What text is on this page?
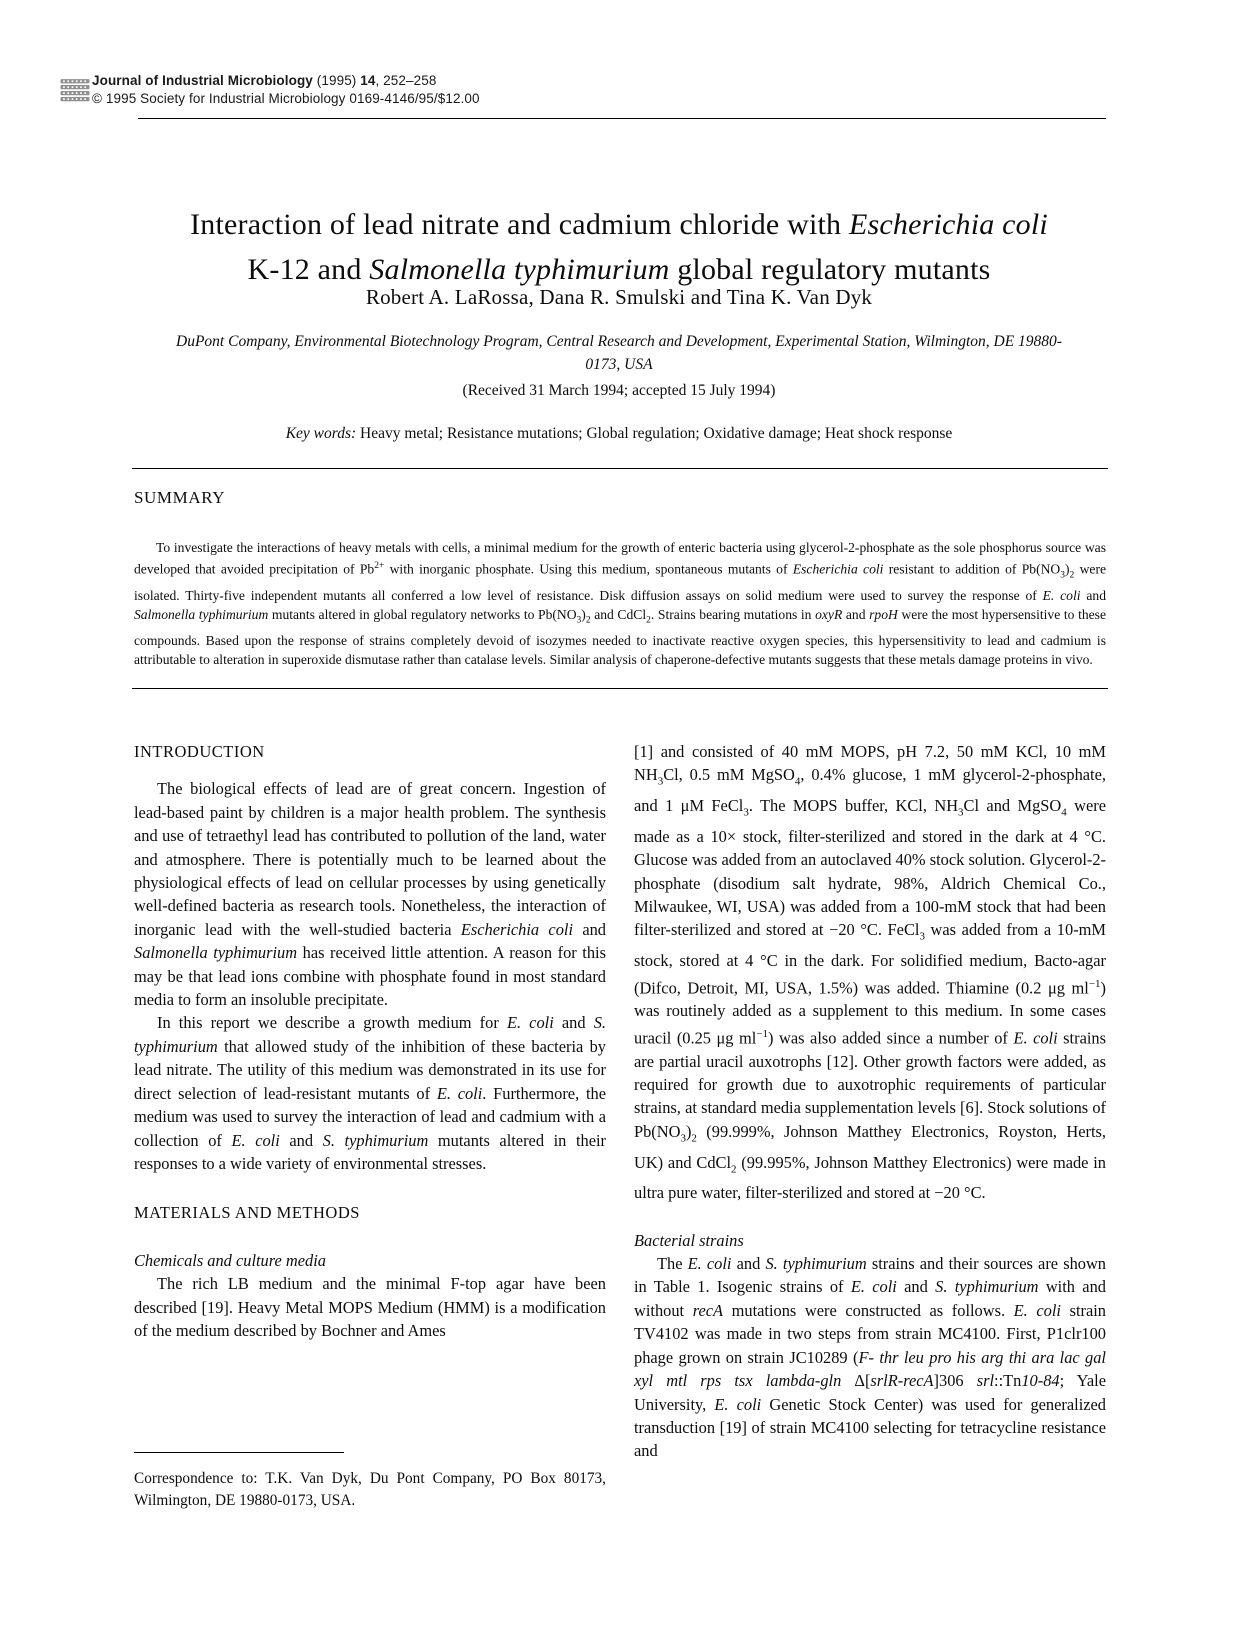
Journal of Industrial Microbiology (1995) 14, 252–258
© 1995 Society for Industrial Microbiology 0169-4146/95/$12.00
Interaction of lead nitrate and cadmium chloride with Escherichia coli
K-12 and Salmonella typhimurium global regulatory mutants
Robert A. LaRossa, Dana R. Smulski and Tina K. Van Dyk
DuPont Company, Environmental Biotechnology Program, Central Research and Development, Experimental Station, Wilmington, DE 19880-0173, USA
(Received 31 March 1994; accepted 15 July 1994)
Key words: Heavy metal; Resistance mutations; Global regulation; Oxidative damage; Heat shock response
SUMMARY
To investigate the interactions of heavy metals with cells, a minimal medium for the growth of enteric bacteria using glycerol-2-phosphate as the sole phosphorus source was developed that avoided precipitation of $Pb^{2+}$ with inorganic phosphate. Using this medium, spontaneous mutants of Escherichia coli resistant to addition of $Pb(NO_3)_2$ were isolated. Thirty-five independent mutants all conferred a low level of resistance. Disk diffusion assays on solid medium were used to survey the response of E. coli and Salmonella typhimurium mutants altered in global regulatory networks to $Pb(NO_3)_2$ and CdCl$_2$. Strains bearing mutations in oxyR and rpoH were the most hypersensitive to these compounds. Based upon the response of strains completely devoid of isozymes needed to inactivate reactive oxygen species, this hypersensitivity to lead and cadmium is attributable to alteration in superoxide dismutase rather than catalase levels. Similar analysis of chaperone-defective mutants suggests that these metals damage proteins in vivo.
INTRODUCTION

The biological effects of lead are of great concern. Ingestion of lead-based paint by children is a major health problem. The synthesis and use of tetraethyl lead has contributed to pollution of the land, water and atmosphere. There is potentially much to be learned about the physiological effects of lead on cellular processes by using genetically well-defined bacteria as research tools. Nonetheless, the interaction of inorganic lead with the well-studied bacteria Escherichia coli and Salmonella typhimurium has received little attention. A reason for this may be that lead ions combine with phosphate found in most standard media to form an insoluble precipitate.

In this report we describe a growth medium for E. coli and S. typhimurium that allowed study of the inhibition of these bacteria by lead nitrate. The utility of this medium was demonstrated in its use for direct selection of lead-resistant mutants of E. coli. Furthermore, the medium was used to survey the interaction of lead and cadmium with a collection of E. coli and S. typhimurium mutants altered in their responses to a wide variety of environmental stresses.

MATERIALS AND METHODS
Chemicals and culture media

The rich LB medium and the minimal F-top agar have been described [19]. Heavy Metal MOPS Medium (HMM) is a modification of the medium described by Bochner and Ames

[1] and consisted of 40 mM MOPS, pH 7.2, 50 mM KCl, 10 mM $NH_3Cl$, 0.5 mM MgSO$_4$, 0.4% glucose, 1 mM glycerol-2-phosphate, and 1 μM FeCl$_3$. The MOPS buffer, KCl, $NH_3Cl$ and MgSO$_4$ were made as a 10× stock, filter-sterilized and stored in the dark at 4 °C. Glucose was added from an autoclaved 40% stock solution. Glycerol-2-phosphate (disodium salt hydrate, 98%, Aldrich Chemical Co., Milwaukee, WI, USA) was added from a 100-mM stock that had been filter-sterilized and stored at −20 °C. FeCl$_3$ was added from a 10-mM stock, stored at 4 °C in the dark. For solidified medium, Bacto-agar (Difco, Detroit, MI, USA, 1.5%) was added. Thiamine (0.2 μg $ml^{-1}$) was routinely added as a supplement to this medium. In some cases uracil (0.25 μg $ml^{-1}$) was also added since a number of E. coli strains are partial uracil auxotrophs [12]. Other growth factors were added, as required for growth due to auxotrophic requirements of particular strains, at standard media supplementation levels [6]. Stock solutions of $Pb(NO_3)_2$ (99.999%, Johnson Matthey Electronics, Royston, Herts, UK) and CdCl$_2$ (99.995%, Johnson Matthey Electronics) were made in ultra pure water, filter-sterilized and stored at −20 °C.

Bacterial strains

The E. coli and S. typhimurium strains and their sources are shown in Table 1. Isogenic strains of E. coli and S. typhimurium with and without recA mutations were constructed as follows. E. coli strain TV4102 was made in two steps from strain MC4100. First, P1clr100 phage grown on strain JC10289 (F- thr leu pro his arg thi ara lac gal xyl mtl rps tsx lambda-gln Δ[srlR-recA]306 srl::Tn10-84; Yale University, E. coli Genetic Stock Center) was used for generalized transduction [19] of strain MC4100 selecting for tetracycline resistance and

Correspondence to: T.K. Van Dyk, Du Pont Company, PO Box 80173, Wilmington, DE 19880-0173, USA.
